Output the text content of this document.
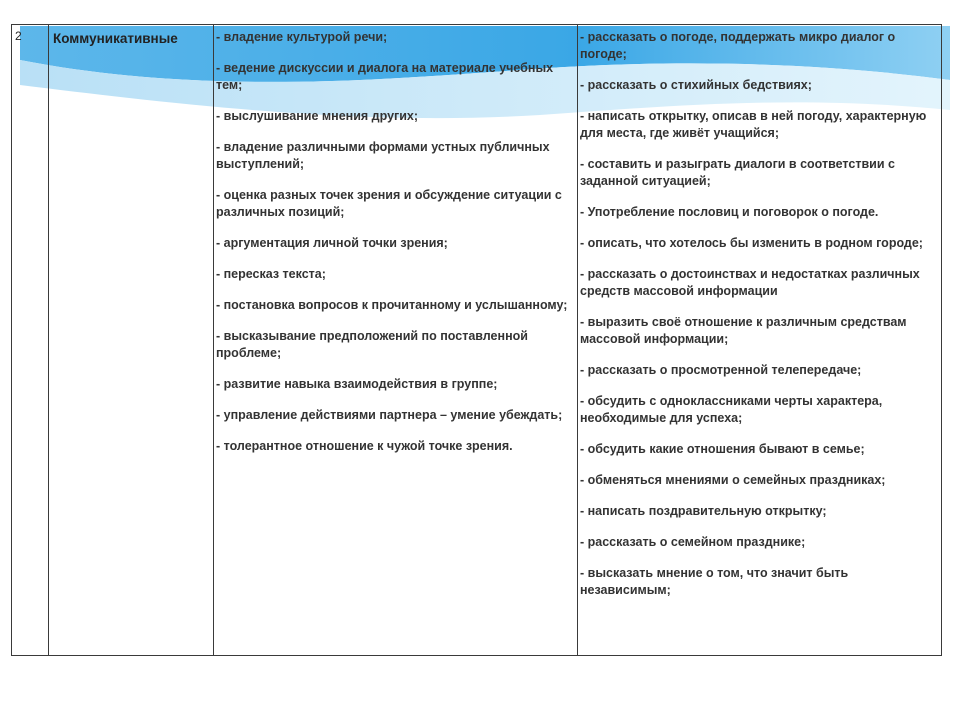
2 Коммуникативные	- владение культурой речи;
- ведение дискуссии и диалога на материале учебных тем;
- выслушивание мнения других;
- владение различными формами устных публичных выступлений;
- оценка разных точек зрения и обсуждение ситуации с различных позиций;
- аргументация личной точки зрения;
- пересказ текста;
- постановка вопросов к прочитанному и услышанному;
- высказывание предположений по поставленной проблеме;
- развитие навыка взаимодействия в группе;
- управление действиями партнера – умение убеждать;
- толерантное отношение к чужой точке зрения.
- рассказать о погоде, поддержать микро диалог о погоде;
- рассказать о стихийных бедствиях;
- написать открытку, описав в ней погоду, характерную для места, где живёт учащийся;
- составить и разыграть диалоги в соответствии с заданной ситуацией;
- Употребление пословиц и поговорок о погоде.
- описать, что хотелось бы изменить в родном городе;
- рассказать о достоинствах и недостатках различных средств массовой информации
- выразить своё отношение к различным средствам массовой информации;
- рассказать о просмотренной телепередаче;
- обсудить с одноклассниками черты характера, необходимые для успеха;
- обсудить какие отношения бывают в семье;
- обменяться мнениями о семейных праздниках;
- написать поздравительную открытку;
- рассказать о семейном празднике;
- высказать мнение о том, что значит быть независимым;
